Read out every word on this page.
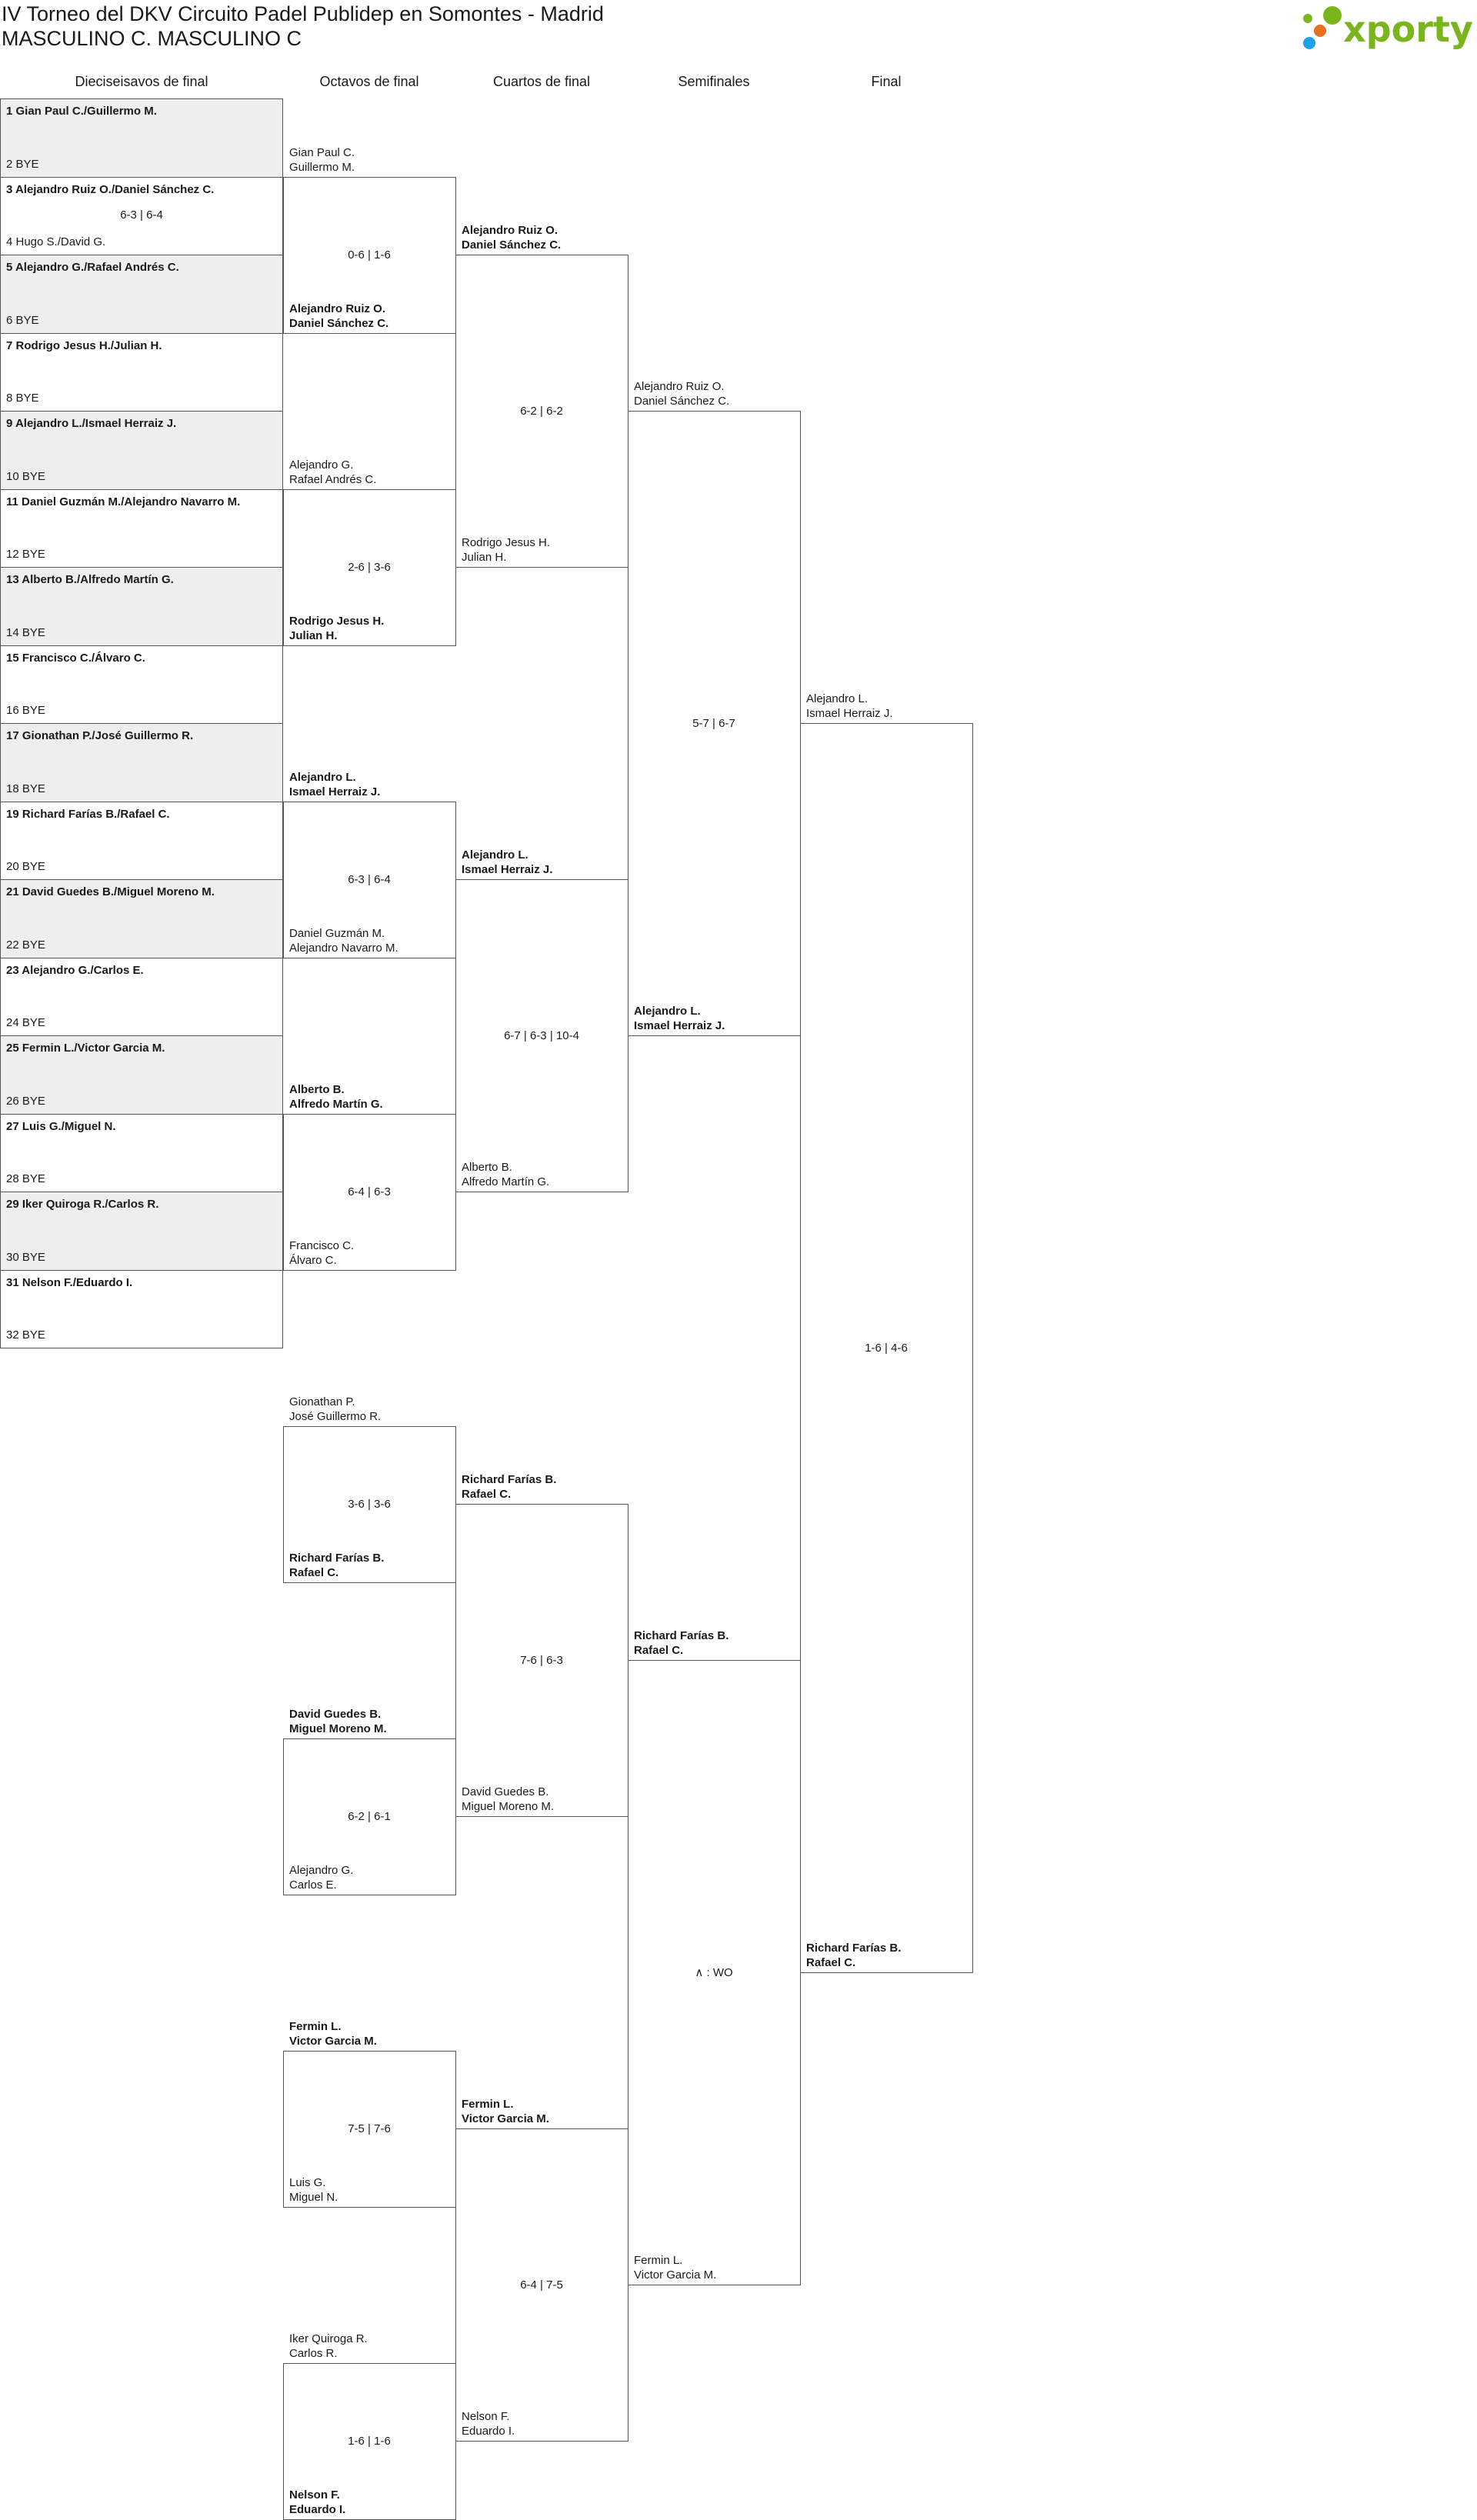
IV Torneo del DKV Circuito Padel Publidep en Somontes - Madrid
MASCULINO C. MASCULINO C	xporty
Dieciseisavos de final	Octavos de final	Cuartos de final	Semifinales	Final
1 Gian Paul C./Guillermo M.
2 BYE
3 Alejandro Ruiz O./Daniel Sánchez C.
4 Hugo S./David G.
6-3 | 6-4
5 Alejandro G./Rafael Andrés C.
6 BYE
7 Rodrigo Jesus H./Julian H.
8 BYE
9 Alejandro L./Ismael Herraiz J.
10 BYE
11 Daniel Guzmán M./Alejandro Navarro M.
12 BYE
13 Alberto B./Alfredo Martín G.
14 BYE
15 Francisco C./Álvaro C.
16 BYE
17 Gionathan P./José Guillermo R.
18 BYE
19 Richard Farías B./Rafael C.
20 BYE
21 David Guedes B./Miguel Moreno M.
22 BYE
23 Alejandro G./Carlos E.
24 BYE
25 Fermin L./Victor Garcia M.
26 BYE
27 Luis G./Miguel N.
28 BYE
29 Iker Quiroga R./Carlos R.
30 BYE
31 Nelson F./Eduardo I.
32 BYE
Gian Paul C.
Guillermo M.
Alejandro Ruiz O.
Daniel Sánchez C.
0-6 | 1-6
Alejandro G.
Rafael Andrés C.
Rodrigo Jesus H.
Julian H.
2-6 | 3-6
Alejandro L.
Ismael Herraiz J.
Daniel Guzmán M.
Alejandro Navarro M.
6-3 | 6-4
Alberto B.
Alfredo Martín G.
Francisco C.
Álvaro C.
6-4 | 6-3
Gionathan P.
José Guillermo R.
Richard Farías B.
Rafael C.
3-6 | 3-6
David Guedes B.
Miguel Moreno M.
Alejandro G.
Carlos E.
6-2 | 6-1
Fermin L.
Victor Garcia M.
Luis G.
Miguel N.
7-5 | 7-6
Iker Quiroga R.
Carlos R.
Nelson F.
Eduardo I.
1-6 | 1-6
Alejandro Ruiz O.
Daniel Sánchez C.
Rodrigo Jesus H.
Julian H.
6-2 | 6-2
Alejandro L.
Ismael Herraiz J.
Alberto B.
Alfredo Martín G.
6-7 | 6-3 | 10-4
Richard Farías B.
Rafael C.
David Guedes B.
Miguel Moreno M.
7-6 | 6-3
Fermin L.
Victor Garcia M.
Nelson F.
Eduardo I.
6-4 | 7-5
Alejandro Ruiz O.
Daniel Sánchez C.
Alejandro L.
Ismael Herraiz J.
5-7 | 6-7
Richard Farías B.
Rafael C.
Fermin L.
Victor Garcia M.
∧ : WO
Alejandro L.
Ismael Herraiz J.
Richard Farías B.
Rafael C.
1-6 | 4-6
